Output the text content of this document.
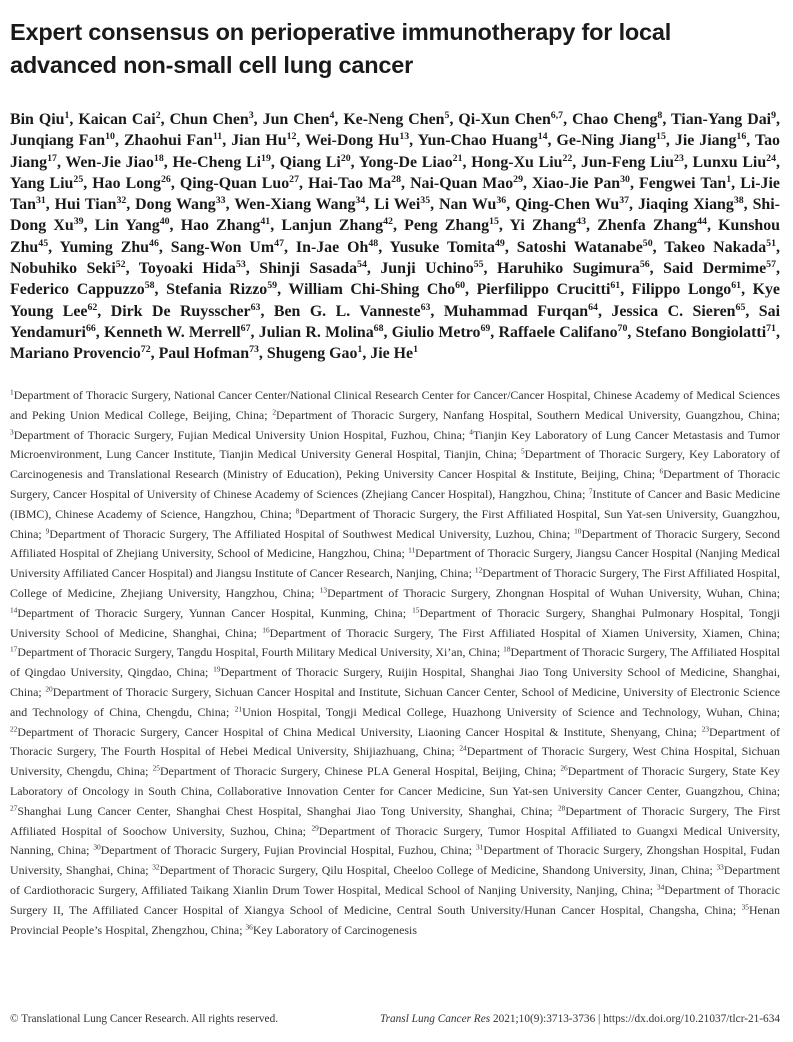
Expert consensus on perioperative immunotherapy for local advanced non-small cell lung cancer

Bin Qiu$^1$, Kaican Cai$^2$, Chun Chen$^3$, Jun Chen$^4$, Ke-Neng Chen$^5$, Qi-Xun Chen$^{6,7}$, Chao Cheng$^8$, Tian-Yang Dai$^9$, Junqiang Fan$^{10}$, Zhaohui Fan$^{11}$, Jian Hu$^{12}$, Wei-Dong Hu$^{13}$, Yun-Chao Huang$^{14}$, Ge-Ning Jiang$^{15}$, Jie Jiang$^{16}$, Tao Jiang$^{17}$, Wen-Jie Jiao$^{18}$, He-Cheng Li$^{19}$, Qiang Li$^{20}$, Yong-De Liao$^{21}$, Hong-Xu Liu$^{22}$, Jun-Feng Liu$^{23}$, Lunxu Liu$^{24}$, Yang Liu$^{25}$, Hao Long$^{26}$, Qing-Quan Luo$^{27}$, Hai-Tao Ma$^{28}$, Nai-Quan Mao$^{29}$, Xiao-Jie Pan$^{30}$, Fengwei Tan$^1$, Li-Jie Tan$^{31}$, Hui Tian$^{32}$, Dong Wang$^{33}$, Wen-Xiang Wang$^{34}$, Li Wei$^{35}$, Nan Wu$^{36}$, Qing-Chen Wu$^{37}$, Jiaqing Xiang$^{38}$, Shi-Dong Xu$^{39}$, Lin Yang$^{40}$, Hao Zhang$^{41}$, Lanjun Zhang$^{42}$, Peng Zhang$^{15}$, Yi Zhang$^{43}$, Zhenfa Zhang$^{44}$, Kunshou Zhu$^{45}$, Yuming Zhu$^{46}$, Sang-Won Um$^{47}$, In-Jae Oh$^{48}$, Yusuke Tomita$^{49}$, Satoshi Watanabe$^{50}$, Takeo Nakada$^{51}$, Nobuhiko Seki$^{52}$, Toyoaki Hida$^{53}$, Shinji Sasada$^{54}$, Junji Uchino$^{55}$, Haruhiko Sugimura$^{56}$, Said Dermime$^{57}$, Federico Cappuzzo$^{58}$, Stefania Rizzo$^{59}$, William Chi-Shing Cho$^{60}$, Pierfilippo Crucitti$^{61}$, Filippo Longo$^{61}$, Kye Young Lee$^{62}$, Dirk De Ruysscher$^{63}$, Ben G. L. Vanneste$^{63}$, Muhammad Furqan$^{64}$, Jessica C. Sieren$^{65}$, Sai Yendamuri$^{66}$, Kenneth W. Merrell$^{67}$, Julian R. Molina$^{68}$, Giulio Metro$^{69}$, Raffaele Califano$^{70}$, Stefano Bongiolatti$^{71}$, Mariano Provencio$^{72}$, Paul Hofman$^{73}$, Shugeng Gao$^1$, Jie He$^1$

$^1$Department of Thoracic Surgery, National Cancer Center/National Clinical Research Center for Cancer/Cancer Hospital, Chinese Academy of Medical Sciences and Peking Union Medical College, Beijing, China; $^2$Department of Thoracic Surgery, Nanfang Hospital, Southern Medical University, Guangzhou, China; $^3$Department of Thoracic Surgery, Fujian Medical University Union Hospital, Fuzhou, China; $^4$Tianjin Key Laboratory of Lung Cancer Metastasis and Tumor Microenvironment, Lung Cancer Institute, Tianjin Medical University General Hospital, Tianjin, China; $^5$Department of Thoracic Surgery, Key Laboratory of Carcinogenesis and Translational Research (Ministry of Education), Peking University Cancer Hospital & Institute, Beijing, China; $^6$Department of Thoracic Surgery, Cancer Hospital of University of Chinese Academy of Sciences (Zhejiang Cancer Hospital), Hangzhou, China; $^7$Institute of Cancer and Basic Medicine (IBMC), Chinese Academy of Science, Hangzhou, China; $^8$Department of Thoracic Surgery, the First Affiliated Hospital, Sun Yat-sen University, Guangzhou, China; $^9$Department of Thoracic Surgery, The Affiliated Hospital of Southwest Medical University, Luzhou, China; $^{10}$Department of Thoracic Surgery, Second Affiliated Hospital of Zhejiang University, School of Medicine, Hangzhou, China; $^{11}$Department of Thoracic Surgery, Jiangsu Cancer Hospital (Nanjing Medical University Affiliated Cancer Hospital) and Jiangsu Institute of Cancer Research, Nanjing, China; $^{12}$Department of Thoracic Surgery, The First Affiliated Hospital, College of Medicine, Zhejiang University, Hangzhou, China; $^{13}$Department of Thoracic Surgery, Zhongnan Hospital of Wuhan University, Wuhan, China; $^{14}$Department of Thoracic Surgery, Yunnan Cancer Hospital, Kunming, China; $^{15}$Department of Thoracic Surgery, Shanghai Pulmonary Hospital, Tongji University School of Medicine, Shanghai, China; $^{16}$Department of Thoracic Surgery, The First Affiliated Hospital of Xiamen University, Xiamen, China; $^{17}$Department of Thoracic Surgery, Tangdu Hospital, Fourth Military Medical University, Xi’an, China; $^{18}$Department of Thoracic Surgery, The Affiliated Hospital of Qingdao University, Qingdao, China; $^{19}$Department of Thoracic Surgery, Ruijin Hospital, Shanghai Jiao Tong University School of Medicine, Shanghai, China; $^{20}$Department of Thoracic Surgery, Sichuan Cancer Hospital and Institute, Sichuan Cancer Center, School of Medicine, University of Electronic Science and Technology of China, Chengdu, China; $^{21}$Union Hospital, Tongji Medical College, Huazhong University of Science and Technology, Wuhan, China; $^{22}$Department of Thoracic Surgery, Cancer Hospital of China Medical University, Liaoning Cancer Hospital & Institute, Shenyang, China; $^{23}$Department of Thoracic Surgery, The Fourth Hospital of Hebei Medical University, Shijiazhuang, China; $^{24}$Department of Thoracic Surgery, West China Hospital, Sichuan University, Chengdu, China; $^{25}$Department of Thoracic Surgery, Chinese PLA General Hospital, Beijing, China; $^{26}$Department of Thoracic Surgery, State Key Laboratory of Oncology in South China, Collaborative Innovation Center for Cancer Medicine, Sun Yat-sen University Cancer Center, Guangzhou, China; $^{27}$Shanghai Lung Cancer Center, Shanghai Chest Hospital, Shanghai Jiao Tong University, Shanghai, China; $^{28}$Department of Thoracic Surgery, The First Affiliated Hospital of Soochow University, Suzhou, China; $^{29}$Department of Thoracic Surgery, Tumor Hospital Affiliated to Guangxi Medical University, Nanning, China; $^{30}$Department of Thoracic Surgery, Fujian Provincial Hospital, Fuzhou, China; $^{31}$Department of Thoracic Surgery, Zhongshan Hospital, Fudan University, Shanghai, China; $^{32}$Department of Thoracic Surgery, Qilu Hospital, Cheeloo College of Medicine, Shandong University, Jinan, China; $^{33}$Department of Cardiothoracic Surgery, Affiliated Taikang Xianlin Drum Tower Hospital, Medical School of Nanjing University, Nanjing, China; $^{34}$Department of Thoracic Surgery II, The Affiliated Cancer Hospital of Xiangya School of Medicine, Central South University/Hunan Cancer Hospital, Changsha, China; $^{35}$Henan Provincial People’s Hospital, Zhengzhou, China; $^{36}$Key Laboratory of Carcinogenesis

© Translational Lung Cancer Research. All rights reserved.	Transl Lung Cancer Res 2021;10(9):3713-3736 | https://dx.doi.org/10.21037/tlcr-21-634
